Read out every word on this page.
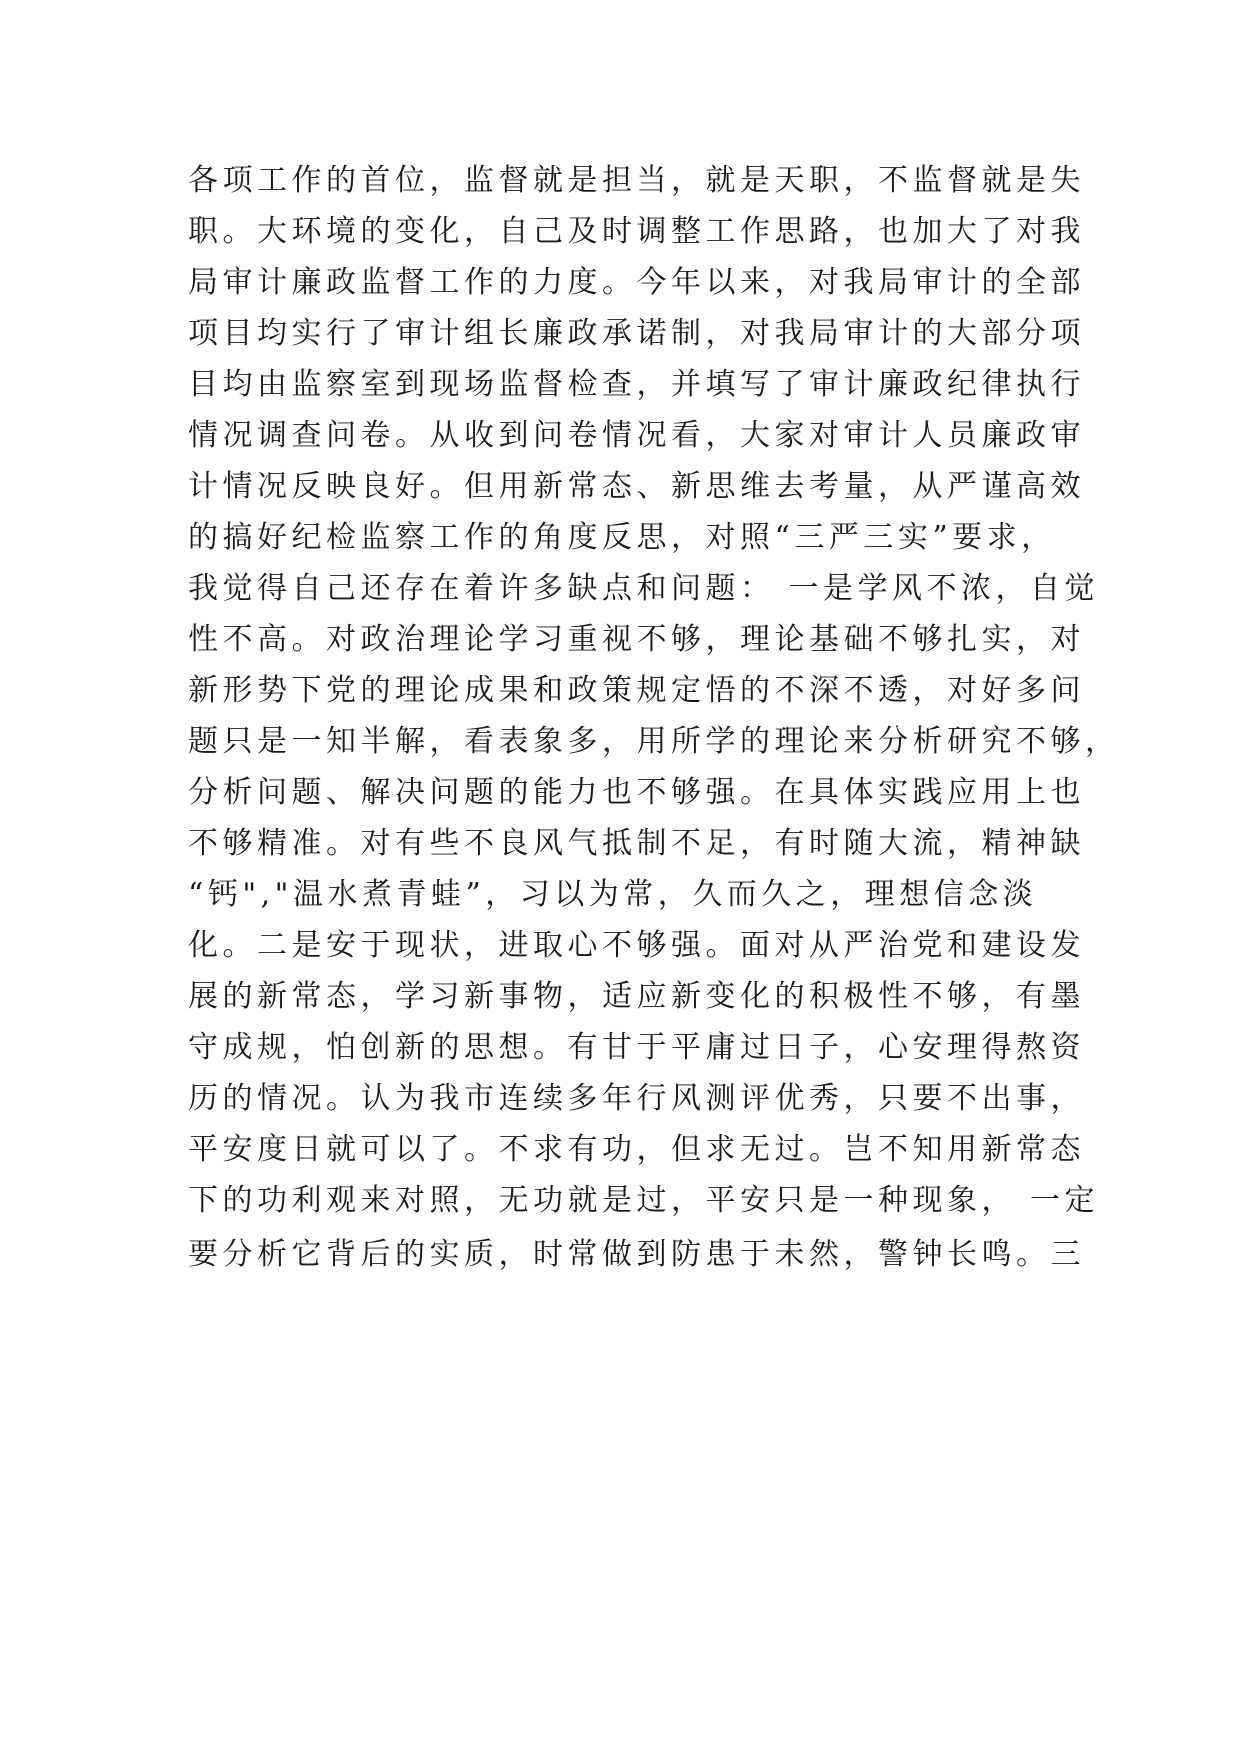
各项工作的首位，监督就是担当，就是天职，不监督就是失
职。大环境的变化，自己及时调整工作思路，也加大了对我
局审计廉政监督工作的力度。今年以来，对我局审计的全部
项目均实行了审计组长廉政承诺制，对我局审计的大部分项
目均由监察室到现场监督检查，并填写了审计廉政纪律执行
情况调查问卷。从收到问卷情况看，大家对审计人员廉政审
计情况反映良好。但用新常态、新思维去考量，从严谨高效
的搞好纪检监察工作的角度反思，对照“三严三实”要求，
我觉得自己还存在着许多缺点和问题： 一是学风不浓，自觉
性不高。对政治理论学习重视不够，理论基础不够扎实，对
新形势下党的理论成果和政策规定悟的不深不透，对好多问
题只是一知半解，看表象多，用所学的理论来分析研究不够，
分析问题、解决问题的能力也不够强。在具体实践应用上也
不够精准。对有些不良风气抵制不足，有时随大流，精神缺
“钙","温水煮青蛙”，习以为常，久而久之，理想信念淡
化。二是安于现状，进取心不够强。面对从严治党和建设发
展的新常态，学习新事物，适应新变化的积极性不够，有墨
守成规，怕创新的思想。有甘于平庸过日子，心安理得熬资
历的情况。认为我市连续多年行风测评优秀，只要不出事，
平安度日就可以了。不求有功，但求无过。岂不知用新常态
下的功利观来对照，无功就是过，平安只是一种现象， 一定
要分析它背后的实质，时常做到防患于未然，警钟长鸣。三
